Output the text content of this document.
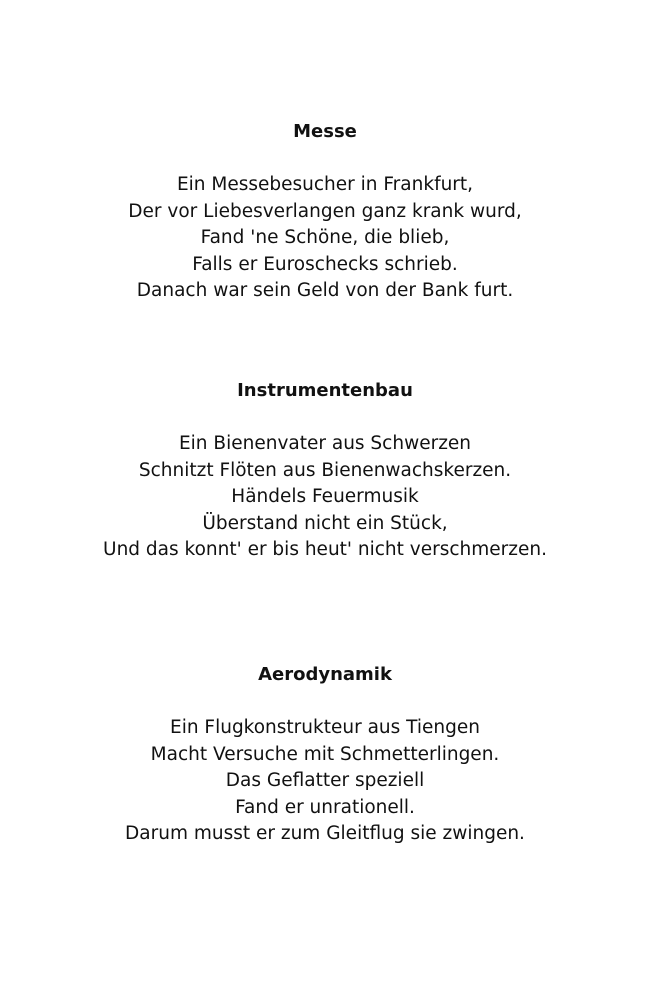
Messe
Ein Messebesucher in Frankfurt,
Der vor Liebesverlangen ganz krank wurd,
Fand 'ne Schöne, die blieb,
Falls er Euroschecks schrieb.
Danach war sein Geld von der Bank furt.
Instrumentenbau
Ein Bienenvater aus Schwerzen
Schnitzt Flöten aus Bienenwachskerzen.
Händels Feuermusik
Überstand nicht ein Stück,
Und das konnt' er bis heut' nicht verschmerzen.
Aerodynamik
Ein Flugkonstrukteur aus Tiengen
Macht Versuche mit Schmetterlingen.
Das Geflatter speziell
Fand er unrationell.
Darum musst er zum Gleitflug sie zwingen.
